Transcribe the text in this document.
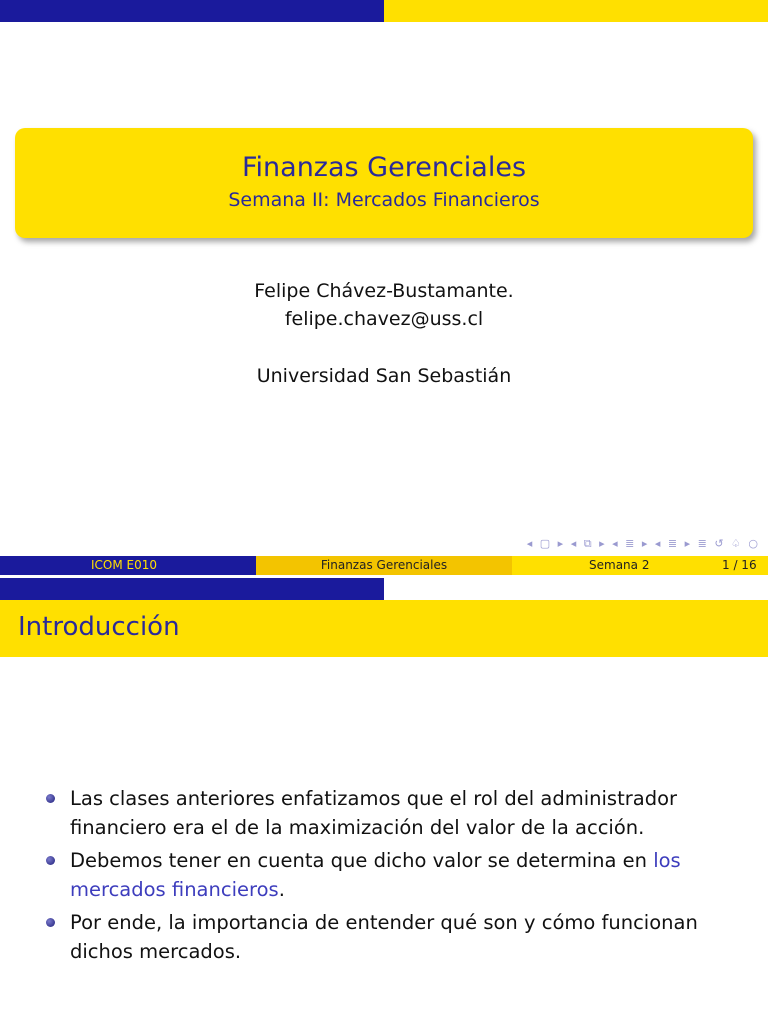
Finanzas Gerenciales
Semana II: Mercados Financieros
Felipe Chávez-Bustamante.
felipe.chavez@uss.cl
Universidad San Sebastián
◂ ▢ ▸ ◂ ⧉ ▸ ◂ ≣ ▸ ◂ ≣ ▸ ≣ ↺ ♤ ○
ICOM E010	Finanzas Gerenciales	Semana 2	1 / 16
Introducción
Las clases anteriores enfatizamos que el rol del administrador financiero era el de la maximización del valor de la acción.
Debemos tener en cuenta que dicho valor se determina en los mercados financieros.
Por ende, la importancia de entender qué son y cómo funcionan dichos mercados.
